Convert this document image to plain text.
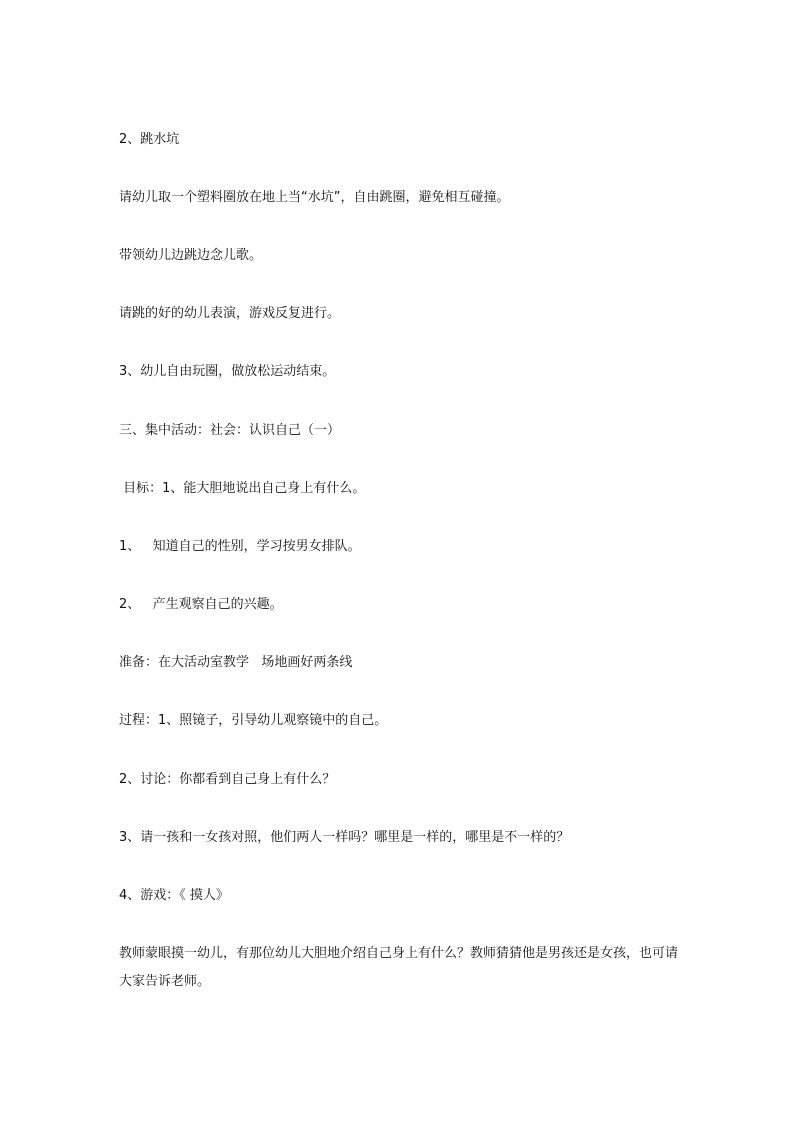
2、跳水坑

请幼儿取一个塑料圈放在地上当“水坑”，自由跳圈，避免相互碰撞。

带领幼儿边跳边念儿歌。

请跳的好的幼儿表演，游戏反复进行。

3、幼儿自由玩圈，做放松运动结束。

三、集中活动：社会：认识自己（一）

目标：1、能大胆地说出自己身上有什么。

1、   知道自己的性别，学习按男女排队。

2、   产生观察自己的兴趣。

准备：在大活动室教学   场地画好两条线

过程：1、照镜子，引导幼儿观察镜中的自己。

2、讨论：你都看到自己身上有什么？

3、请一孩和一女孩对照，他们两人一样吗？哪里是一样的，哪里是不一样的？

4、游戏：《 摸人》

教师蒙眼摸一幼儿，有那位幼儿大胆地介绍自己身上有什么？教师猜猜他是男孩还是女孩，也可请大家告诉老师。
